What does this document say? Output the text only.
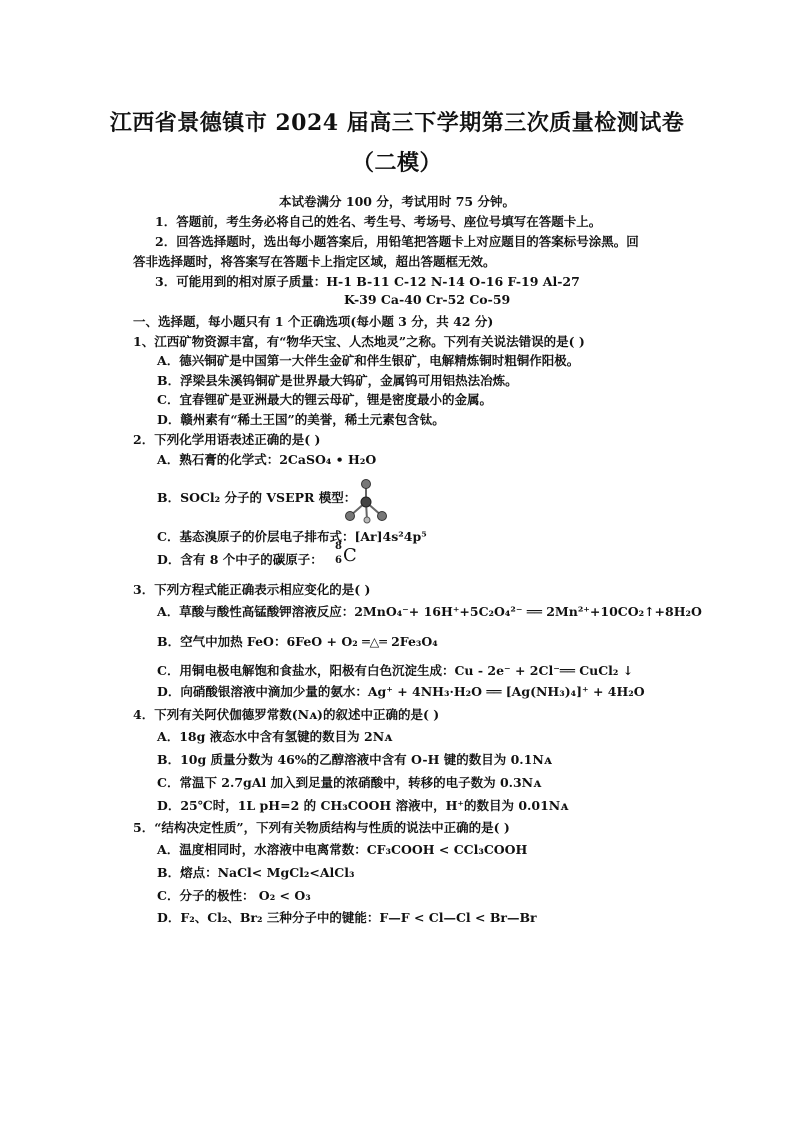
江西省景德镇市 2024 届高三下学期第三次质量检测试卷
（二模）
本试卷满分 100 分，考试用时 75 分钟。
1．答题前，考生务必将自己的姓名、考生号、考场号、座位号填写在答题卡上。
2．回答选择题时，选出每小题答案后，用铅笔把答题卡上对应题目的答案标号涂黑。回
答非选择题时，将答案写在答题卡上指定区域，超出答题框无效。
3．可能用到的相对原子质量：H-1 B-11 C-12 N-14 O-16 F-19 Al-27
K-39 Ca-40 Cr-52 Co-59
一、选择题，每小题只有 1 个正确选项(每小题 3 分，共 42 分)
1、江西矿物资源丰富，有“物华天宝、人杰地灵”之称。下列有关说法错误的是( )
A．德兴铜矿是中国第一大伴生金矿和伴生银矿，电解精炼铜时粗铜作阳极。
B．浮梁县朱溪钨铜矿是世界最大钨矿，金属钨可用铝热法冶炼。
C．宜春锂矿是亚洲最大的锂云母矿，锂是密度最小的金属。
D．赣州素有“稀土王国”的美誉，稀土元素包含钛。
2．下列化学用语表述正确的是( )
A．熟石膏的化学式：2CaSO₄ • H₂O
B．SOCl₂ 分子的 VSEPR 模型：
C．基态溴原子的价层电子排布式：[Ar]4s²4p⁵
D．含有 8 个中子的碳原子：
8
6 C
3．下列方程式能正确表示相应变化的是( )
A．草酸与酸性高锰酸钾溶液反应：2MnO₄⁻+ 16H⁺+5C₂O₄²⁻ ══ 2Mn²⁺+10CO₂↑+8H₂O
B．空气中加热 FeO：6FeO + O₂ ═△═ 2Fe₃O₄
C．用铜电极电解饱和食盐水，阳极有白色沉淀生成：Cu - 2e⁻ + 2Cl⁻══ CuCl₂ ↓
D．向硝酸银溶液中滴加少量的氨水：Ag⁺ + 4NH₃·H₂O ══ [Ag(NH₃)₄]⁺ + 4H₂O
4．下列有关阿伏伽德罗常数(Nᴀ)的叙述中正确的是( )
A．18g 液态水中含有氢键的数目为 2Nᴀ
B．10g 质量分数为 46%的乙醇溶液中含有 O-H 键的数目为 0.1Nᴀ
C．常温下 2.7gAl 加入到足量的浓硝酸中，转移的电子数为 0.3Nᴀ
D．25℃时，1L pH=2 的 CH₃COOH 溶液中，H⁺的数目为 0.01Nᴀ
5．“结构决定性质”，下列有关物质结构与性质的说法中正确的是( )
A．温度相同时，水溶液中电离常数：CF₃COOH < CCl₃COOH
B．熔点：NaCl< MgCl₂<AlCl₃
C．分子的极性： O₂ < O₃
D．F₂、Cl₂、Br₂ 三种分子中的键能：F—F < Cl—Cl < Br—Br
